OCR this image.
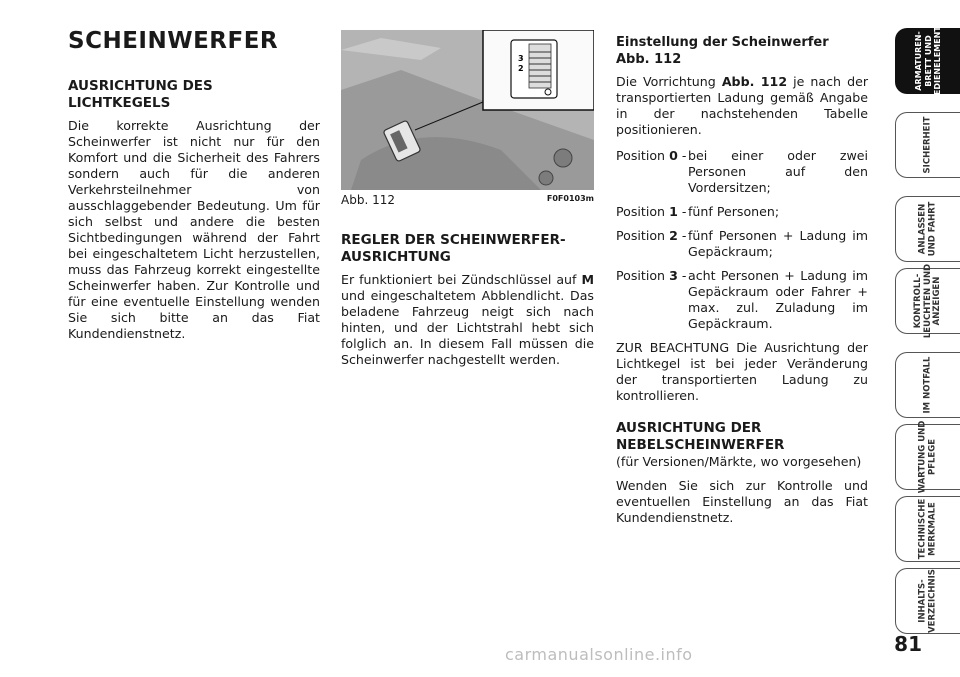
SCHEINWERFER
AUSRICHTUNG DES
LICHTKEGELS

Die korrekte Ausrichtung der Scheinwerfer ist nicht nur für den Komfort und die Sicherheit des Fahrers sondern auch für die anderen Verkehrsteilnehmer von ausschlaggebender Bedeutung. Um für sich selbst und andere die besten Sichtbedingungen während der Fahrt bei eingeschaltetem Licht herzustellen, muss das Fahrzeug korrekt eingestellte Scheinwerfer haben. Zur Kontrolle und für eine eventuelle Einstellung wenden Sie sich bitte an das Fiat Kundendienstnetz.

3
2
Abb. 112	F0F0103m
REGLER DER SCHEINWERFER-
AUSRICHTUNG

Er funktioniert bei Zündschlüssel auf M und eingeschaltetem Abblendlicht. Das beladene Fahrzeug neigt sich nach hinten, und der Lichtstrahl hebt sich folglich an. In diesem Fall müssen die Scheinwerfer nachgestellt werden.

Einstellung der Scheinwerfer
Abb. 112

Die Vorrichtung Abb. 112 je nach der transportierten Ladung gemäß Angabe in der nachstehenden Tabelle positionieren.

Position 0 - bei einer oder zwei Personen auf den Vordersitzen;
Position 1 - fünf Personen;
Position 2 - fünf Personen + Ladung im Gepäckraum;
Position 3 - acht Personen + Ladung im Gepäckraum oder Fahrer + max. zul. Zuladung im Gepäckraum.

ZUR BEACHTUNG Die Ausrichtung der Lichtkegel ist bei jeder Veränderung der transportierten Ladung zu kontrollieren.

AUSRICHTUNG DER
NEBELSCHEINWERFER

(für Versionen/Märkte, wo vorgesehen)

Wenden Sie sich zur Kontrolle und eventuellen Einstellung an das Fiat Kundendienstnetz.

ARMATUREN-
BRETT UND
BEDIENELEMENTE
SICHERHEIT
ANLASSEN
UND FAHRT
KONTROLL-
LEUCHTEN UND
ANZEIGEN
IM NOTFALL
WARTUNG UND
PFLEGE
TECHNISCHE
MERKMALE
INHALTS-
VERZEICHNIS
81
carmanualsonline.info
